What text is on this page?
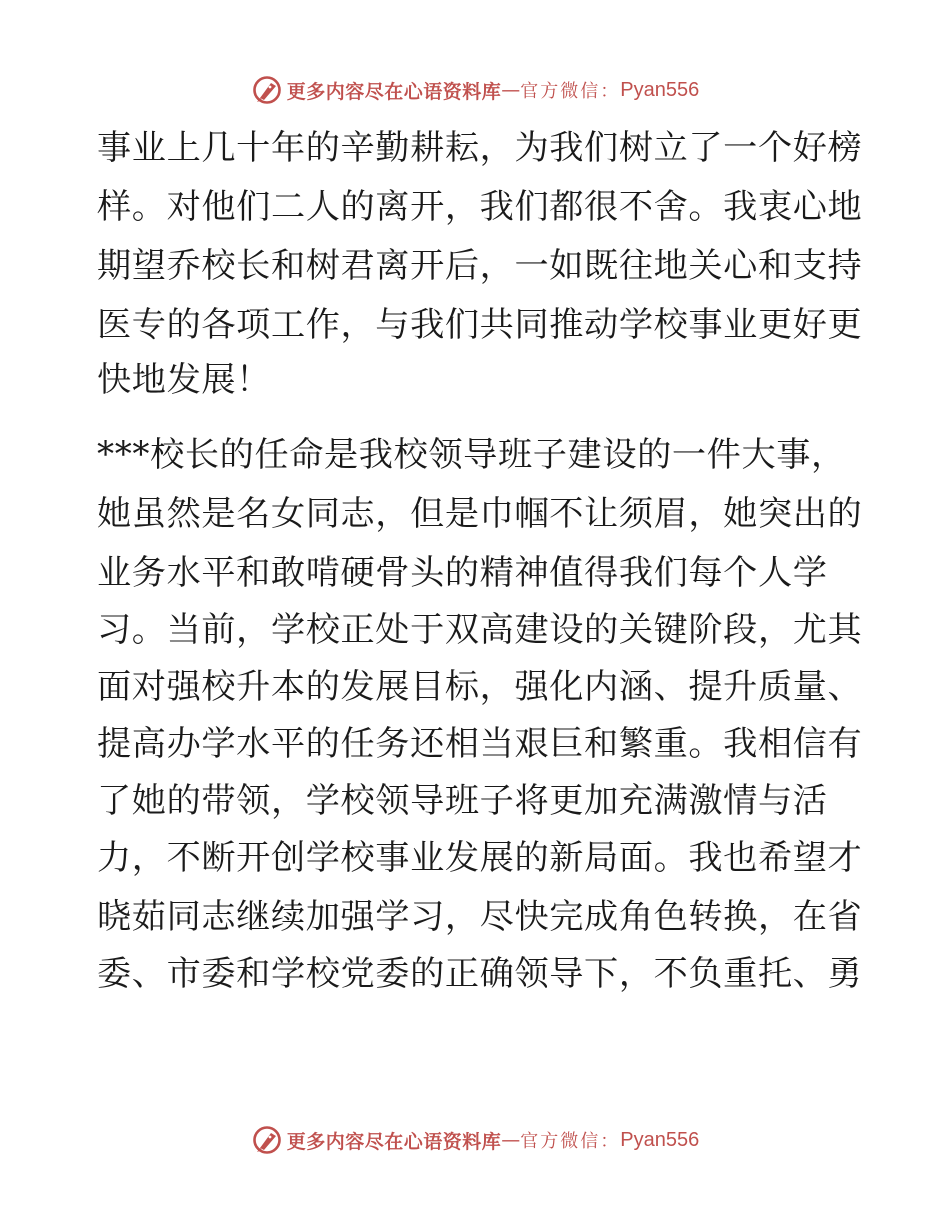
更多内容尽在心语资料库 — 官方微信： Pyan556
事业上几十年的辛勤耕耘，为我们树立了一个好榜
样。对他们二人的离开，我们都很不舍。我衷心地
期望乔校长和树君离开后，一如既往地关心和支持
医专的各项工作，与我们共同推动学校事业更好更
快地发展！
***校长的任命是我校领导班子建设的一件大事，
她虽然是名女同志，但是巾帼不让须眉，她突出的
业务水平和敢啃硬骨头的精神值得我们每个人学
习。当前，学校正处于双高建设的关键阶段，尤其
面对强校升本的发展目标，强化内涵、提升质量、
提高办学水平的任务还相当艰巨和繁重。我相信有
了她的带领，学校领导班子将更加充满激情与活
力，不断开创学校事业发展的新局面。我也希望才
晓茹同志继续加强学习，尽快完成角色转换，在省
委、市委和学校党委的正确领导下，不负重托、勇
更多内容尽在心语资料库 — 官方微信： Pyan556
